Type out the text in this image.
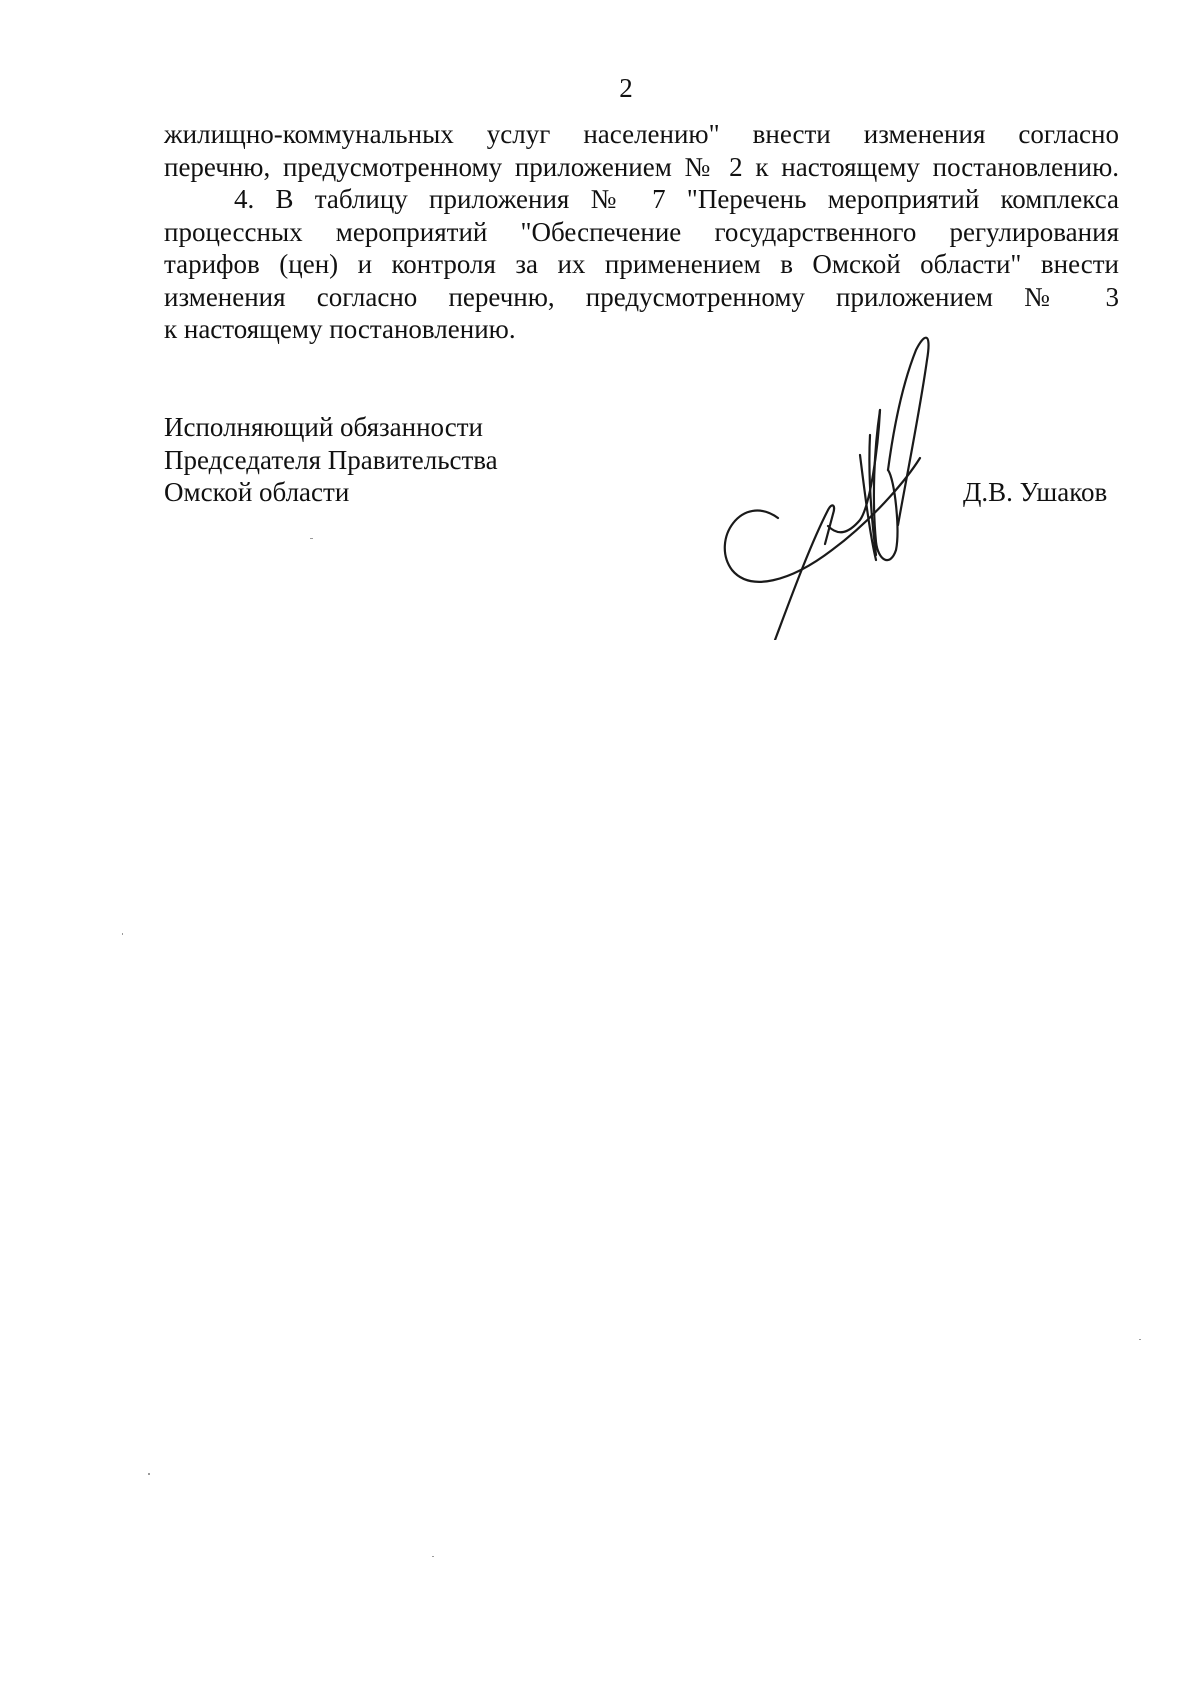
2

жилищно-коммунальных услуг населению" внести изменения согласно
перечню, предусмотренному приложением № 2 к настоящему постановлению.

4. В таблицу приложения № 7 "Перечень мероприятий комплекса
процессных мероприятий "Обеспечение государственного регулирования
тарифов (цен) и контроля за их применением в Омской области" внести
изменения согласно перечню, предусмотренному приложением № 3
к настоящему постановлению.

Исполняющий обязанности
Председателя Правительства
Омской области	Д.В. Ушаков
